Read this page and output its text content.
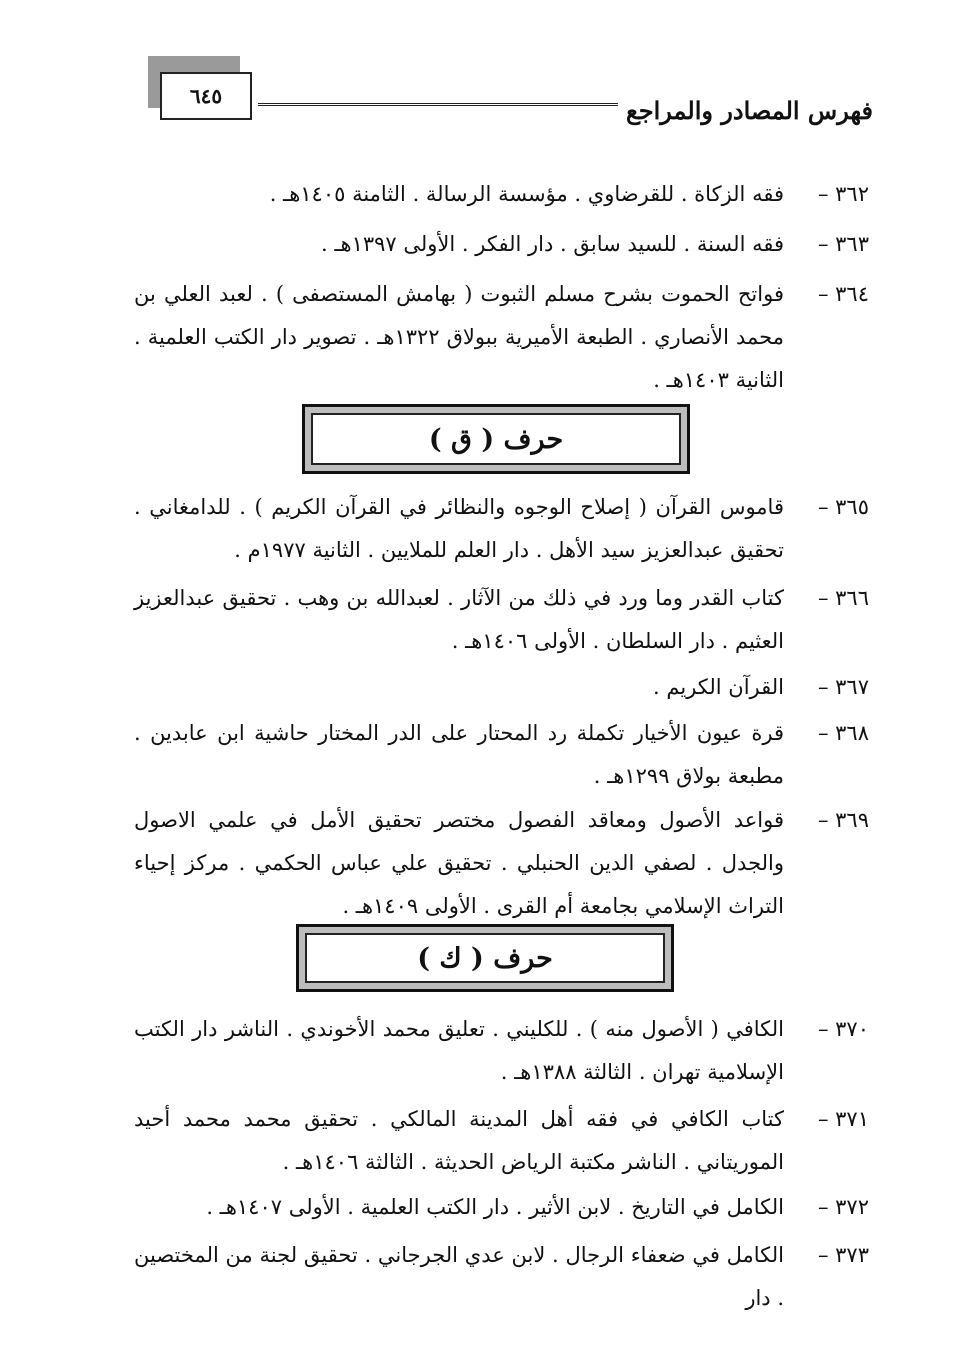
فهرس المصادر والمراجع
٦٤٥
٣٦٢ –
فقه الزكاة . للقرضاوي . مؤسسة الرسالة . الثامنة ١٤٠٥هـ .
٣٦٣ –
فقه السنة . للسيد سابق . دار الفكر . الأولى ١٣٩٧هـ .
٣٦٤ –
فواتح الحموت بشرح مسلم الثبوت ( بهامش المستصفى ) . لعبد العلي بن محمد الأنصاري . الطبعة الأميرية ببولاق ١٣٢٢هـ . تصوير دار الكتب العلمية . الثانية ١٤٠٣هـ .
حرف ( ق )
٣٦٥ –
قاموس القرآن ( إصلاح الوجوه والنظائر في القرآن الكريم ) . للدامغاني . تحقيق عبدالعزيز سيد الأهل . دار العلم للملايين . الثانية ١٩٧٧م .
٣٦٦ –
كتاب القدر وما ورد في ذلك من الآثار . لعبدالله بن وهب . تحقيق عبدالعزيز العثيم . دار السلطان . الأولى ١٤٠٦هـ .
٣٦٧ –
القرآن الكريم .
٣٦٨ –
قرة عيون الأخيار تكملة رد المحتار على الدر المختار حاشية ابن عابدين . مطبعة بولاق ١٢٩٩هـ .
٣٦٩ –
قواعد الأصول ومعاقد الفصول مختصر تحقيق الأمل في علمي الاصول والجدل . لصفي الدين الحنبلي . تحقيق علي عباس الحكمي . مركز إحياء التراث الإسلامي بجامعة أم القرى . الأولى ١٤٠٩هـ .
حرف ( ك )
٣٧٠ –
الكافي ( الأصول منه ) . للكليني . تعليق محمد الأخوندي . الناشر دار الكتب الإسلامية تهران . الثالثة ١٣٨٨هـ .
٣٧١ –
كتاب الكافي في فقه أهل المدينة المالكي . تحقيق محمد محمد أحيد الموريتاني . الناشر مكتبة الرياض الحديثة . الثالثة ١٤٠٦هـ .
٣٧٢ –
الكامل في التاريخ . لابن الأثير . دار الكتب العلمية . الأولى ١٤٠٧هـ .
٣٧٣ –
الكامل في ضعفاء الرجال . لابن عدي الجرجاني . تحقيق لجنة من المختصين . دار
